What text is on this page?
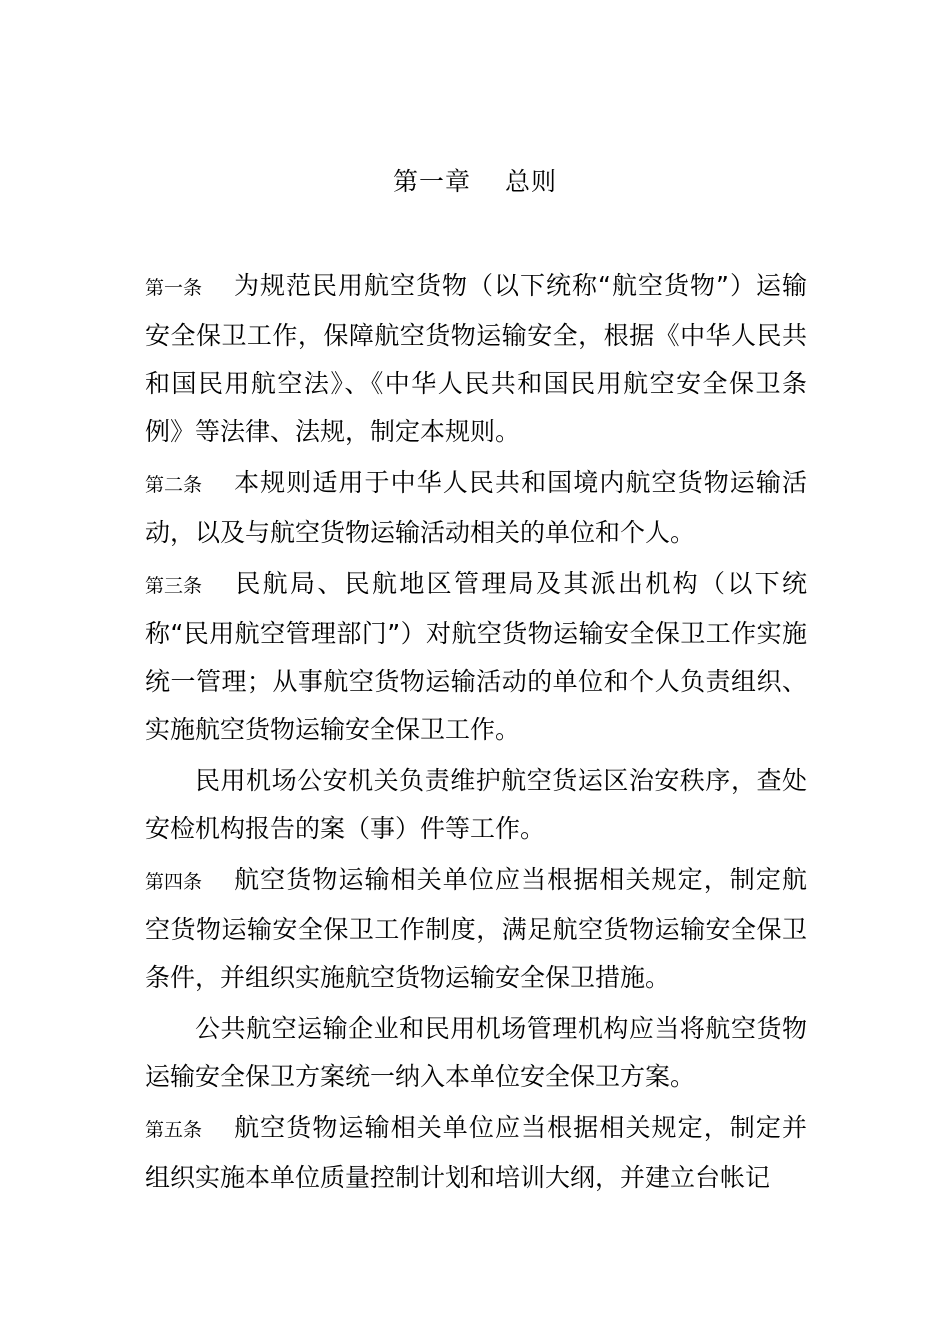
第一章 总则

第一条 为规范民用航空货物（以下统称“航空货物”）运输安全保卫工作，保障航空货物运输安全，根据《中华人民共和国民用航空法》、《中华人民共和国民用航空安全保卫条例》等法律、法规，制定本规则。

第二条 本规则适用于中华人民共和国境内航空货物运输活动，以及与航空货物运输活动相关的单位和个人。

第三条 民航局、民航地区管理局及其派出机构（以下统称“民用航空管理部门”）对航空货物运输安全保卫工作实施统一管理；从事航空货物运输活动的单位和个人负责组织、实施航空货物运输安全保卫工作。

民用机场公安机关负责维护航空货运区治安秩序，查处安检机构报告的案（事）件等工作。

第四条 航空货物运输相关单位应当根据相关规定，制定航空货物运输安全保卫工作制度，满足航空货物运输安全保卫条件，并组织实施航空货物运输安全保卫措施。

公共航空运输企业和民用机场管理机构应当将航空货物运输安全保卫方案统一纳入本单位安全保卫方案。

第五条 航空货物运输相关单位应当根据相关规定，制定并组织实施本单位质量控制计划和培训大纲，并建立台帐记
